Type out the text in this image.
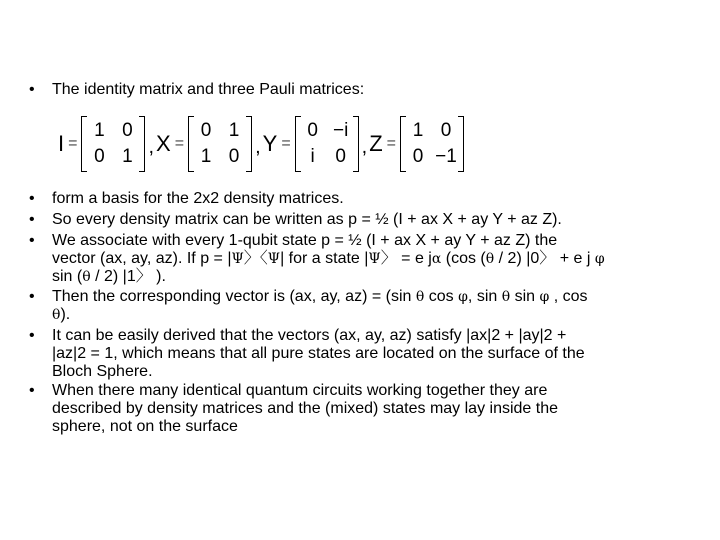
•	The identity matrix and three Pauli matrices:
I =
1 0
0 1 , X =
0 1
1 0 , Y =
0 −i
i	0 , Z =
1 0
0 −1
•	form a basis for the 2x2 density matrices.
•	So every density matrix can be written as p = ½ (I + ax X + ay Y + az Z).
•	We associate with every 1-qubit state p = ½ (I + ax X + ay Y + az Z) the
vector (ax, ay, az). If p = |Ψ〉〈Ψ| for a state |Ψ〉 = e jα (cos (θ / 2) |0〉 + e j φ
sin (θ / 2) |1〉 ).
•	Then the corresponding vector is (ax, ay, az) = (sin θ cos φ, sin θ sin φ , cos
θ).
•	It can be easily derived that the vectors (ax, ay, az) satisfy |ax|2 + |ay|2 +
|az|2 = 1, which means that all pure states are located on the surface of the
Bloch Sphere.
•	When there many identical quantum circuits working together they are
described by density matrices and the (mixed) states may lay inside the
sphere, not on the surface
